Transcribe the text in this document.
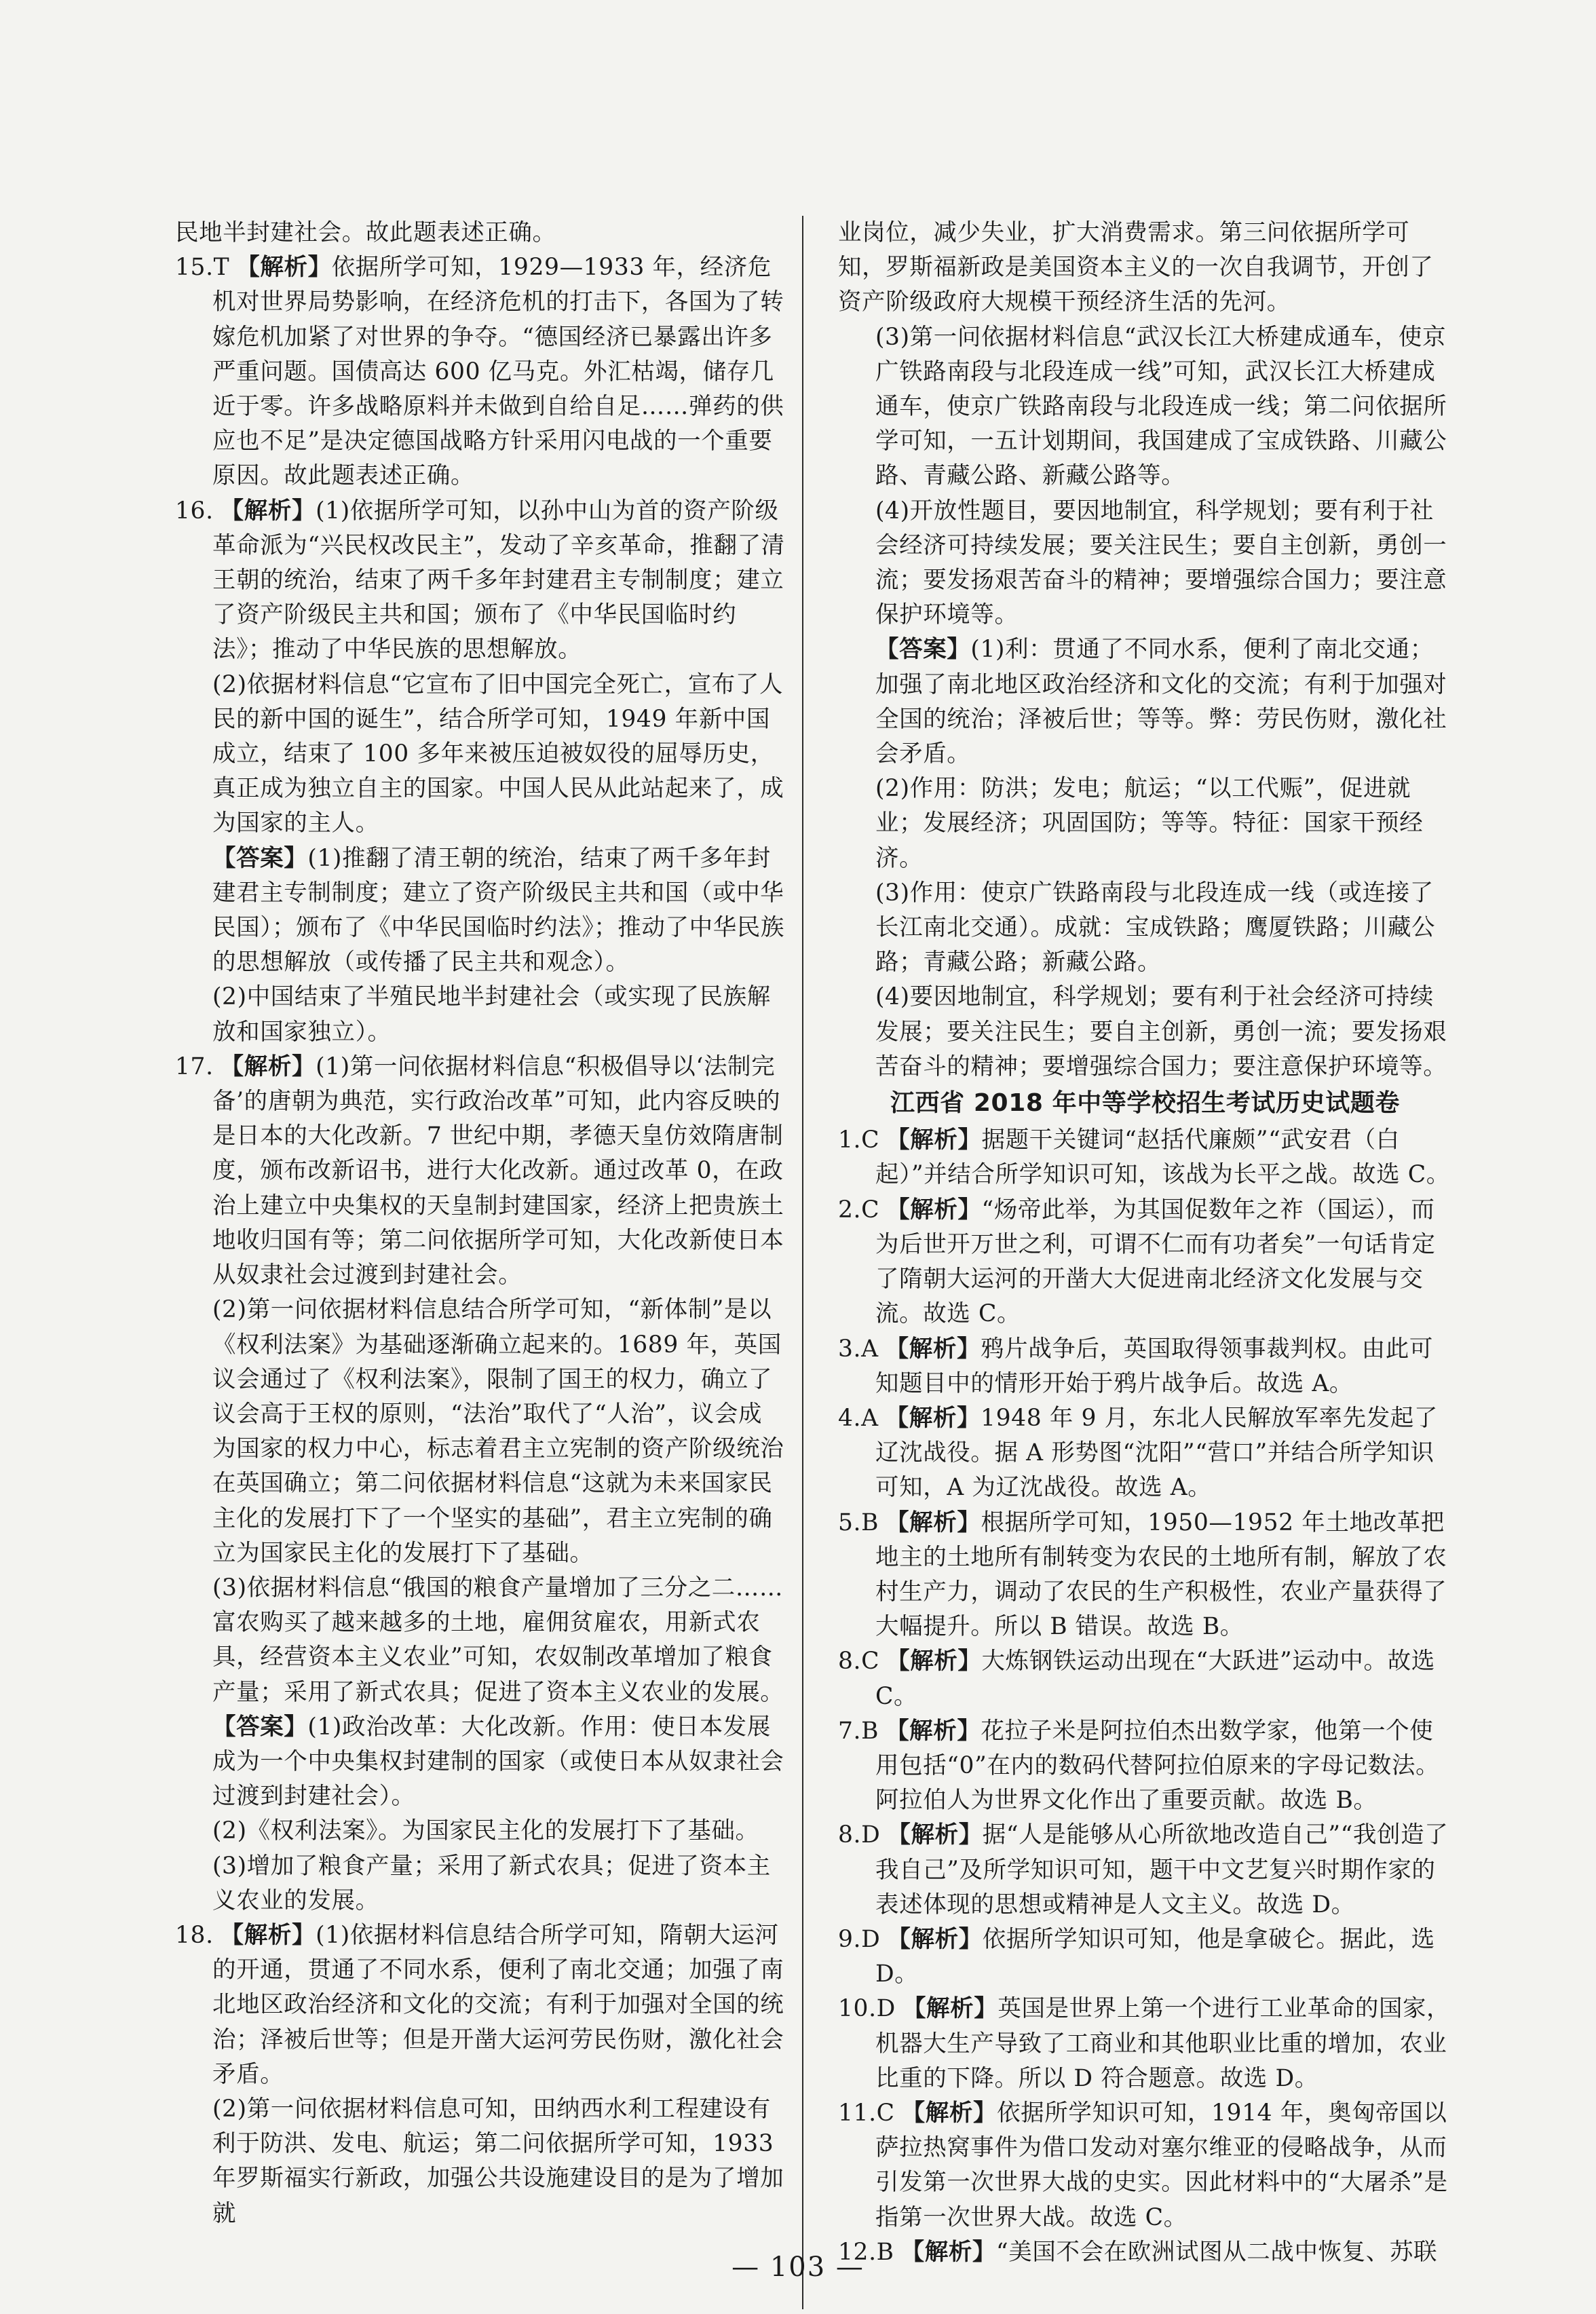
民地半封建社会。故此题表述正确。
15.T 【解析】依据所学可知，1929—1933 年，经济危机对世界局势影响，在经济危机的打击下，各国为了转嫁危机加紧了对世界的争夺。“德国经济已暴露出许多严重问题。国债高达 600 亿马克。外汇枯竭，储存几近于零。许多战略原料并未做到自给自足……弹药的供应也不足”是决定德国战略方针采用闪电战的一个重要原因。故此题表述正确。
16. 【解析】(1)依据所学可知，以孙中山为首的资产阶级革命派为“兴民权改民主”，发动了辛亥革命，推翻了清王朝的统治，结束了两千多年封建君主专制制度；建立了资产阶级民主共和国；颁布了《中华民国临时约法》；推动了中华民族的思想解放。
(2)依据材料信息“它宣布了旧中国完全死亡，宣布了人民的新中国的诞生”，结合所学可知，1949 年新中国成立，结束了 100 多年来被压迫被奴役的屈辱历史，真正成为独立自主的国家。中国人民从此站起来了，成为国家的主人。
【答案】(1)推翻了清王朝的统治，结束了两千多年封建君主专制制度；建立了资产阶级民主共和国（或中华民国）；颁布了《中华民国临时约法》；推动了中华民族的思想解放（或传播了民主共和观念）。
(2)中国结束了半殖民地半封建社会（或实现了民族解放和国家独立）。
17. 【解析】(1)第一问依据材料信息“积极倡导以‘法制完备’的唐朝为典范，实行政治改革”可知，此内容反映的是日本的大化改新。7 世纪中期，孝德天皇仿效隋唐制度，颁布改新诏书，进行大化改新。通过改革 0，在政治上建立中央集权的天皇制封建国家，经济上把贵族土地收归国有等；第二问依据所学可知，大化改新使日本从奴隶社会过渡到封建社会。
(2)第一问依据材料信息结合所学可知，“新体制”是以《权利法案》为基础逐渐确立起来的。1689 年，英国议会通过了《权利法案》，限制了国王的权力，确立了议会高于王权的原则，“法治”取代了“人治”，议会成为国家的权力中心，标志着君主立宪制的资产阶级统治在英国确立；第二问依据材料信息“这就为未来国家民主化的发展打下了一个坚实的基础”，君主立宪制的确立为国家民主化的发展打下了基础。
(3)依据材料信息“俄国的粮食产量增加了三分之二……富农购买了越来越多的土地，雇佣贫雇农，用新式农具，经营资本主义农业”可知，农奴制改革增加了粮食产量；采用了新式农具；促进了资本主义农业的发展。
【答案】(1)政治改革：大化改新。作用：使日本发展成为一个中央集权封建制的国家（或使日本从奴隶社会过渡到封建社会）。
(2)《权利法案》。为国家民主化的发展打下了基础。
(3)增加了粮食产量；采用了新式农具；促进了资本主义农业的发展。
18. 【解析】(1)依据材料信息结合所学可知，隋朝大运河的开通，贯通了不同水系，便利了南北交通；加强了南北地区政治经济和文化的交流；有利于加强对全国的统治；泽被后世等；但是开凿大运河劳民伤财，激化社会矛盾。
(2)第一问依据材料信息可知，田纳西水利工程建设有利于防洪、发电、航运；第二问依据所学可知，1933 年罗斯福实行新政，加强公共设施建设目的是为了增加就
业岗位，减少失业，扩大消费需求。第三问依据所学可知，罗斯福新政是美国资本主义的一次自我调节，开创了资产阶级政府大规模干预经济生活的先河。
(3)第一问依据材料信息“武汉长江大桥建成通车，使京广铁路南段与北段连成一线”可知，武汉长江大桥建成通车，使京广铁路南段与北段连成一线；第二问依据所学可知，一五计划期间，我国建成了宝成铁路、川藏公路、青藏公路、新藏公路等。
(4)开放性题目，要因地制宜，科学规划；要有利于社会经济可持续发展；要关注民生；要自主创新，勇创一流；要发扬艰苦奋斗的精神；要增强综合国力；要注意保护环境等。
【答案】(1)利：贯通了不同水系，便利了南北交通；加强了南北地区政治经济和文化的交流；有利于加强对全国的统治；泽被后世；等等。弊：劳民伤财，激化社会矛盾。
(2)作用：防洪；发电；航运；“以工代赈”，促进就业；发展经济；巩固国防；等等。特征：国家干预经济。
(3)作用：使京广铁路南段与北段连成一线（或连接了长江南北交通）。成就：宝成铁路；鹰厦铁路；川藏公路；青藏公路；新藏公路。
(4)要因地制宜，科学规划；要有利于社会经济可持续发展；要关注民生；要自主创新，勇创一流；要发扬艰苦奋斗的精神；要增强综合国力；要注意保护环境等。
江西省 2018 年中等学校招生考试历史试题卷
1.C 【解析】据题干关键词“赵括代廉颇”“武安君（白起）”并结合所学知识可知，该战为长平之战。故选 C。
2.C 【解析】“炀帝此举，为其国促数年之祚（国运），而为后世开万世之利，可谓不仁而有功者矣”一句话肯定了隋朝大运河的开凿大大促进南北经济文化发展与交流。故选 C。
3.A 【解析】鸦片战争后，英国取得领事裁判权。由此可知题目中的情形开始于鸦片战争后。故选 A。
4.A 【解析】1948 年 9 月，东北人民解放军率先发起了辽沈战役。据 A 形势图“沈阳”“营口”并结合所学知识可知，A 为辽沈战役。故选 A。
5.B 【解析】根据所学可知，1950—1952 年土地改革把地主的土地所有制转变为农民的土地所有制，解放了农村生产力，调动了农民的生产积极性，农业产量获得了大幅提升。所以 B 错误。故选 B。
8.C 【解析】大炼钢铁运动出现在“大跃进”运动中。故选 C。
7.B 【解析】花拉子米是阿拉伯杰出数学家，他第一个使用包括“0”在内的数码代替阿拉伯原来的字母记数法。阿拉伯人为世界文化作出了重要贡献。故选 B。
8.D 【解析】据“人是能够从心所欲地改造自己”“我创造了我自己”及所学知识可知，题干中文艺复兴时期作家的表述体现的思想或精神是人文主义。故选 D。
9.D 【解析】依据所学知识可知，他是拿破仑。据此，选 D。
10.D 【解析】英国是世界上第一个进行工业革命的国家，机器大生产导致了工商业和其他职业比重的增加，农业比重的下降。所以 D 符合题意。故选 D。
11.C 【解析】依据所学知识可知，1914 年，奥匈帝国以萨拉热窝事件为借口发动对塞尔维亚的侵略战争，从而引发第一次世界大战的史实。因此材料中的“大屠杀”是指第一次世界大战。故选 C。
12.B 【解析】“美国不会在欧洲试图从二战中恢复、苏联
— 103 —
